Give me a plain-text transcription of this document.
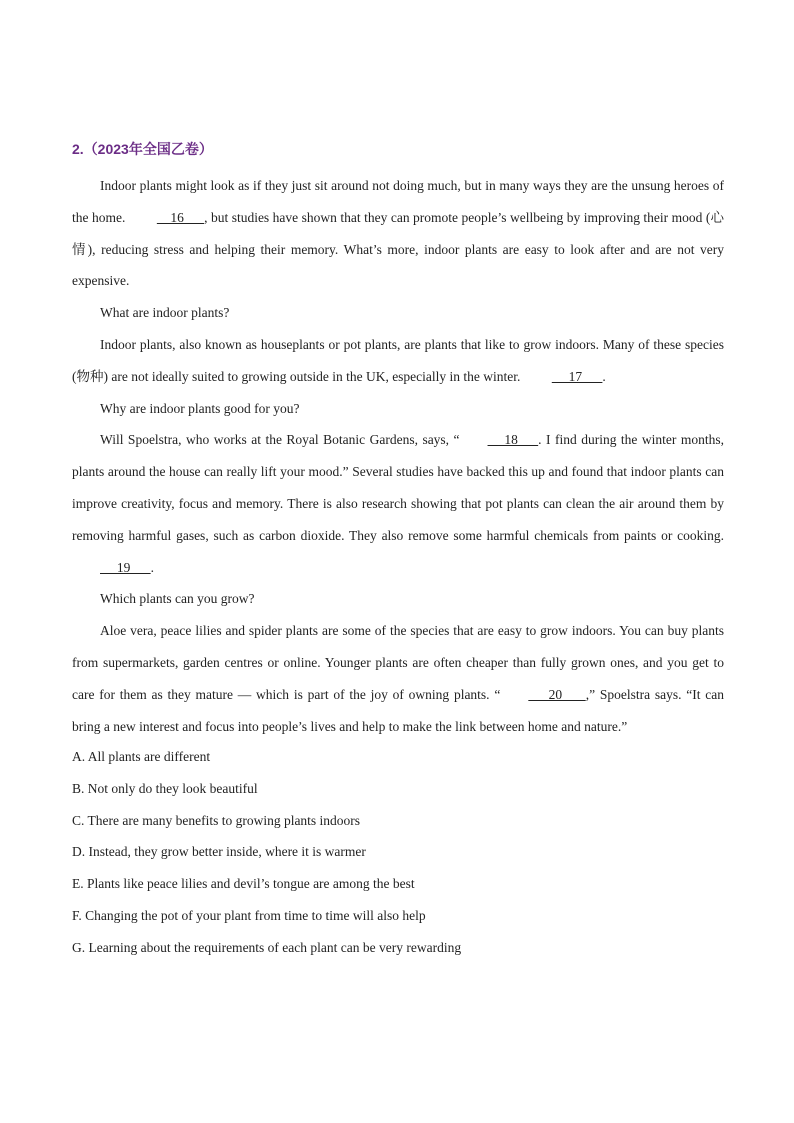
2.（2023年全国乙卷）

Indoor plants might look as if they just sit around not doing much, but in many ways they are the unsung heroes of the home.     16      , but studies have shown that they can promote people’s wellbeing by improving their mood (心情), reducing stress and helping their memory. What’s more, indoor plants are easy to look after and are not very expensive.

What are indoor plants?

Indoor plants, also known as houseplants or pot plants, are plants that like to grow indoors. Many of these species (物种) are not ideally suited to growing outside in the UK, especially in the winter.      17      .

Why are indoor plants good for you?

Will Spoelstra, who works at the Royal Botanic Gardens, says, “     18      . I find during the winter months, plants around the house can really lift your mood.” Several studies have backed this up and found that indoor plants can improve creativity, focus and memory. There is also research showing that pot plants can clean the air around them by removing harmful gases, such as carbon dioxide. They also remove some harmful chemicals from paints or cooking.      19      .

Which plants can you grow?

Aloe vera, peace lilies and spider plants are some of the species that are easy to grow indoors. You can buy plants from supermarkets, garden centres or online. Younger plants are often cheaper than fully grown ones, and you get to care for them as they mature — which is part of the joy of owning plants. “      20       ,” Spoelstra says. “It can bring a new interest and focus into people’s lives and help to make the link between home and nature.”

A. All plants are different
B. Not only do they look beautiful
C. There are many benefits to growing plants indoors
D. Instead, they grow better inside, where it is warmer
E. Plants like peace lilies and devil’s tongue are among the best
F. Changing the pot of your plant from time to time will also help
G. Learning about the requirements of each plant can be very rewarding
